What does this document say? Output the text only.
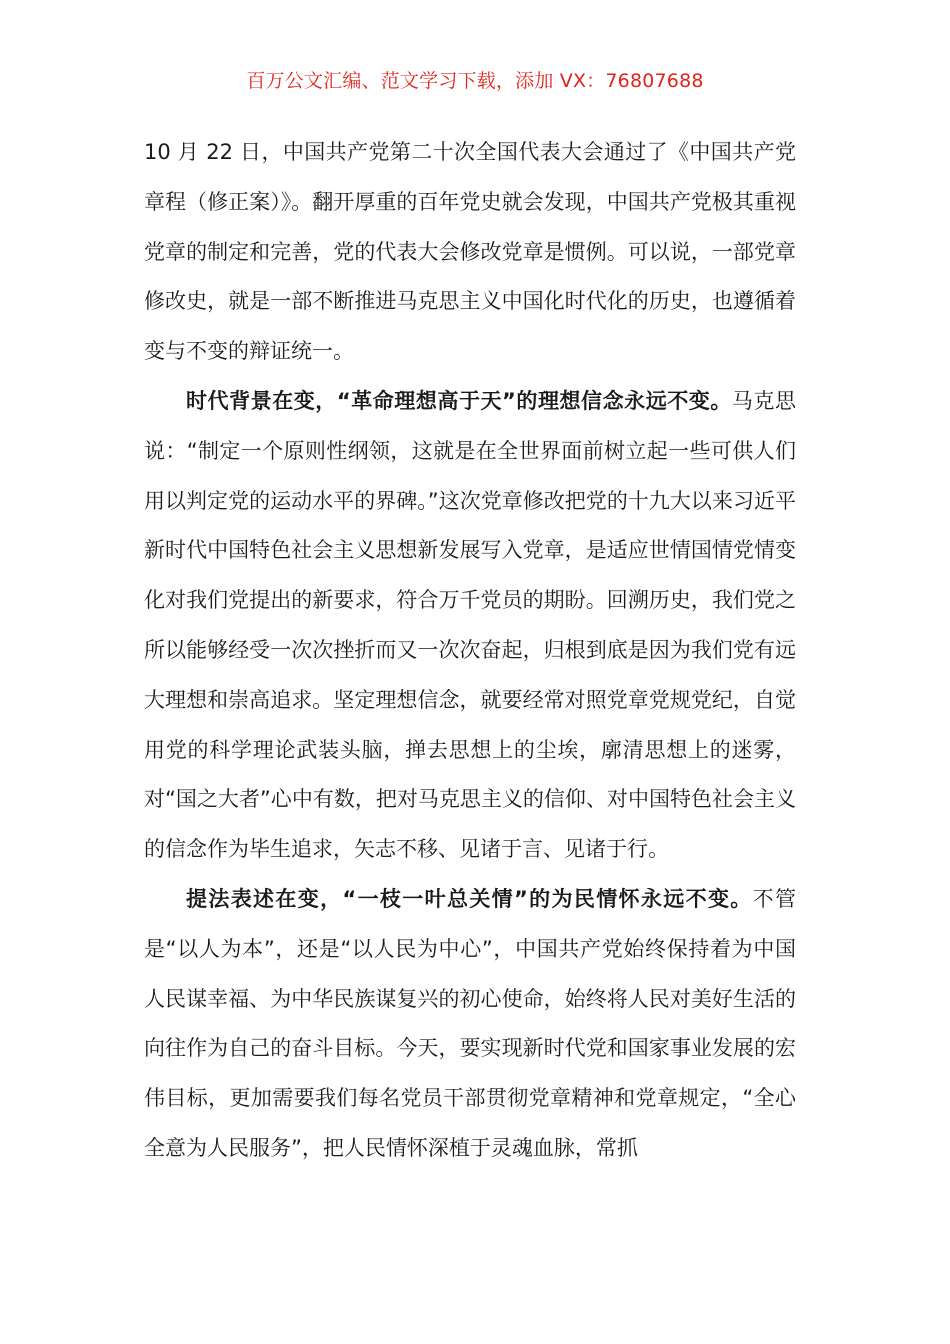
百万公文汇编、范文学习下载，添加 VX：76807688

10 月 22 日，中国共产党第二十次全国代表大会通过了《中国共产党章程（修正案）》。翻开厚重的百年党史就会发现，中国共产党极其重视党章的制定和完善，党的代表大会修改党章是惯例。可以说，一部党章修改史，就是一部不断推进马克思主义中国化时代化的历史，也遵循着变与不变的辩证统一。

时代背景在变，“革命理想高于天”的理想信念永远不变。马克思说：“制定一个原则性纲领，这就是在全世界面前树立起一些可供人们用以判定党的运动水平的界碑。”这次党章修改把党的十九大以来习近平新时代中国特色社会主义思想新发展写入党章，是适应世情国情党情变化对我们党提出的新要求，符合万千党员的期盼。回溯历史，我们党之所以能够经受一次次挫折而又一次次奋起，归根到底是因为我们党有远大理想和崇高追求。坚定理想信念，就要经常对照党章党规党纪，自觉用党的科学理论武装头脑，掸去思想上的尘埃，廓清思想上的迷雾，对“国之大者”心中有数，把对马克思主义的信仰、对中国特色社会主义的信念作为毕生追求，矢志不移、见诸于言、见诸于行。

提法表述在变，“一枝一叶总关情”的为民情怀永远不变。不管是“以人为本”，还是“以人民为中心”，中国共产党始终保持着为中国人民谋幸福、为中华民族谋复兴的初心使命，始终将人民对美好生活的向往作为自己的奋斗目标。今天，要实现新时代党和国家事业发展的宏伟目标，更加需要我们每名党员干部贯彻党章精神和党章规定，“全心全意为人民服务”，把人民情怀深植于灵魂血脉，常抓
